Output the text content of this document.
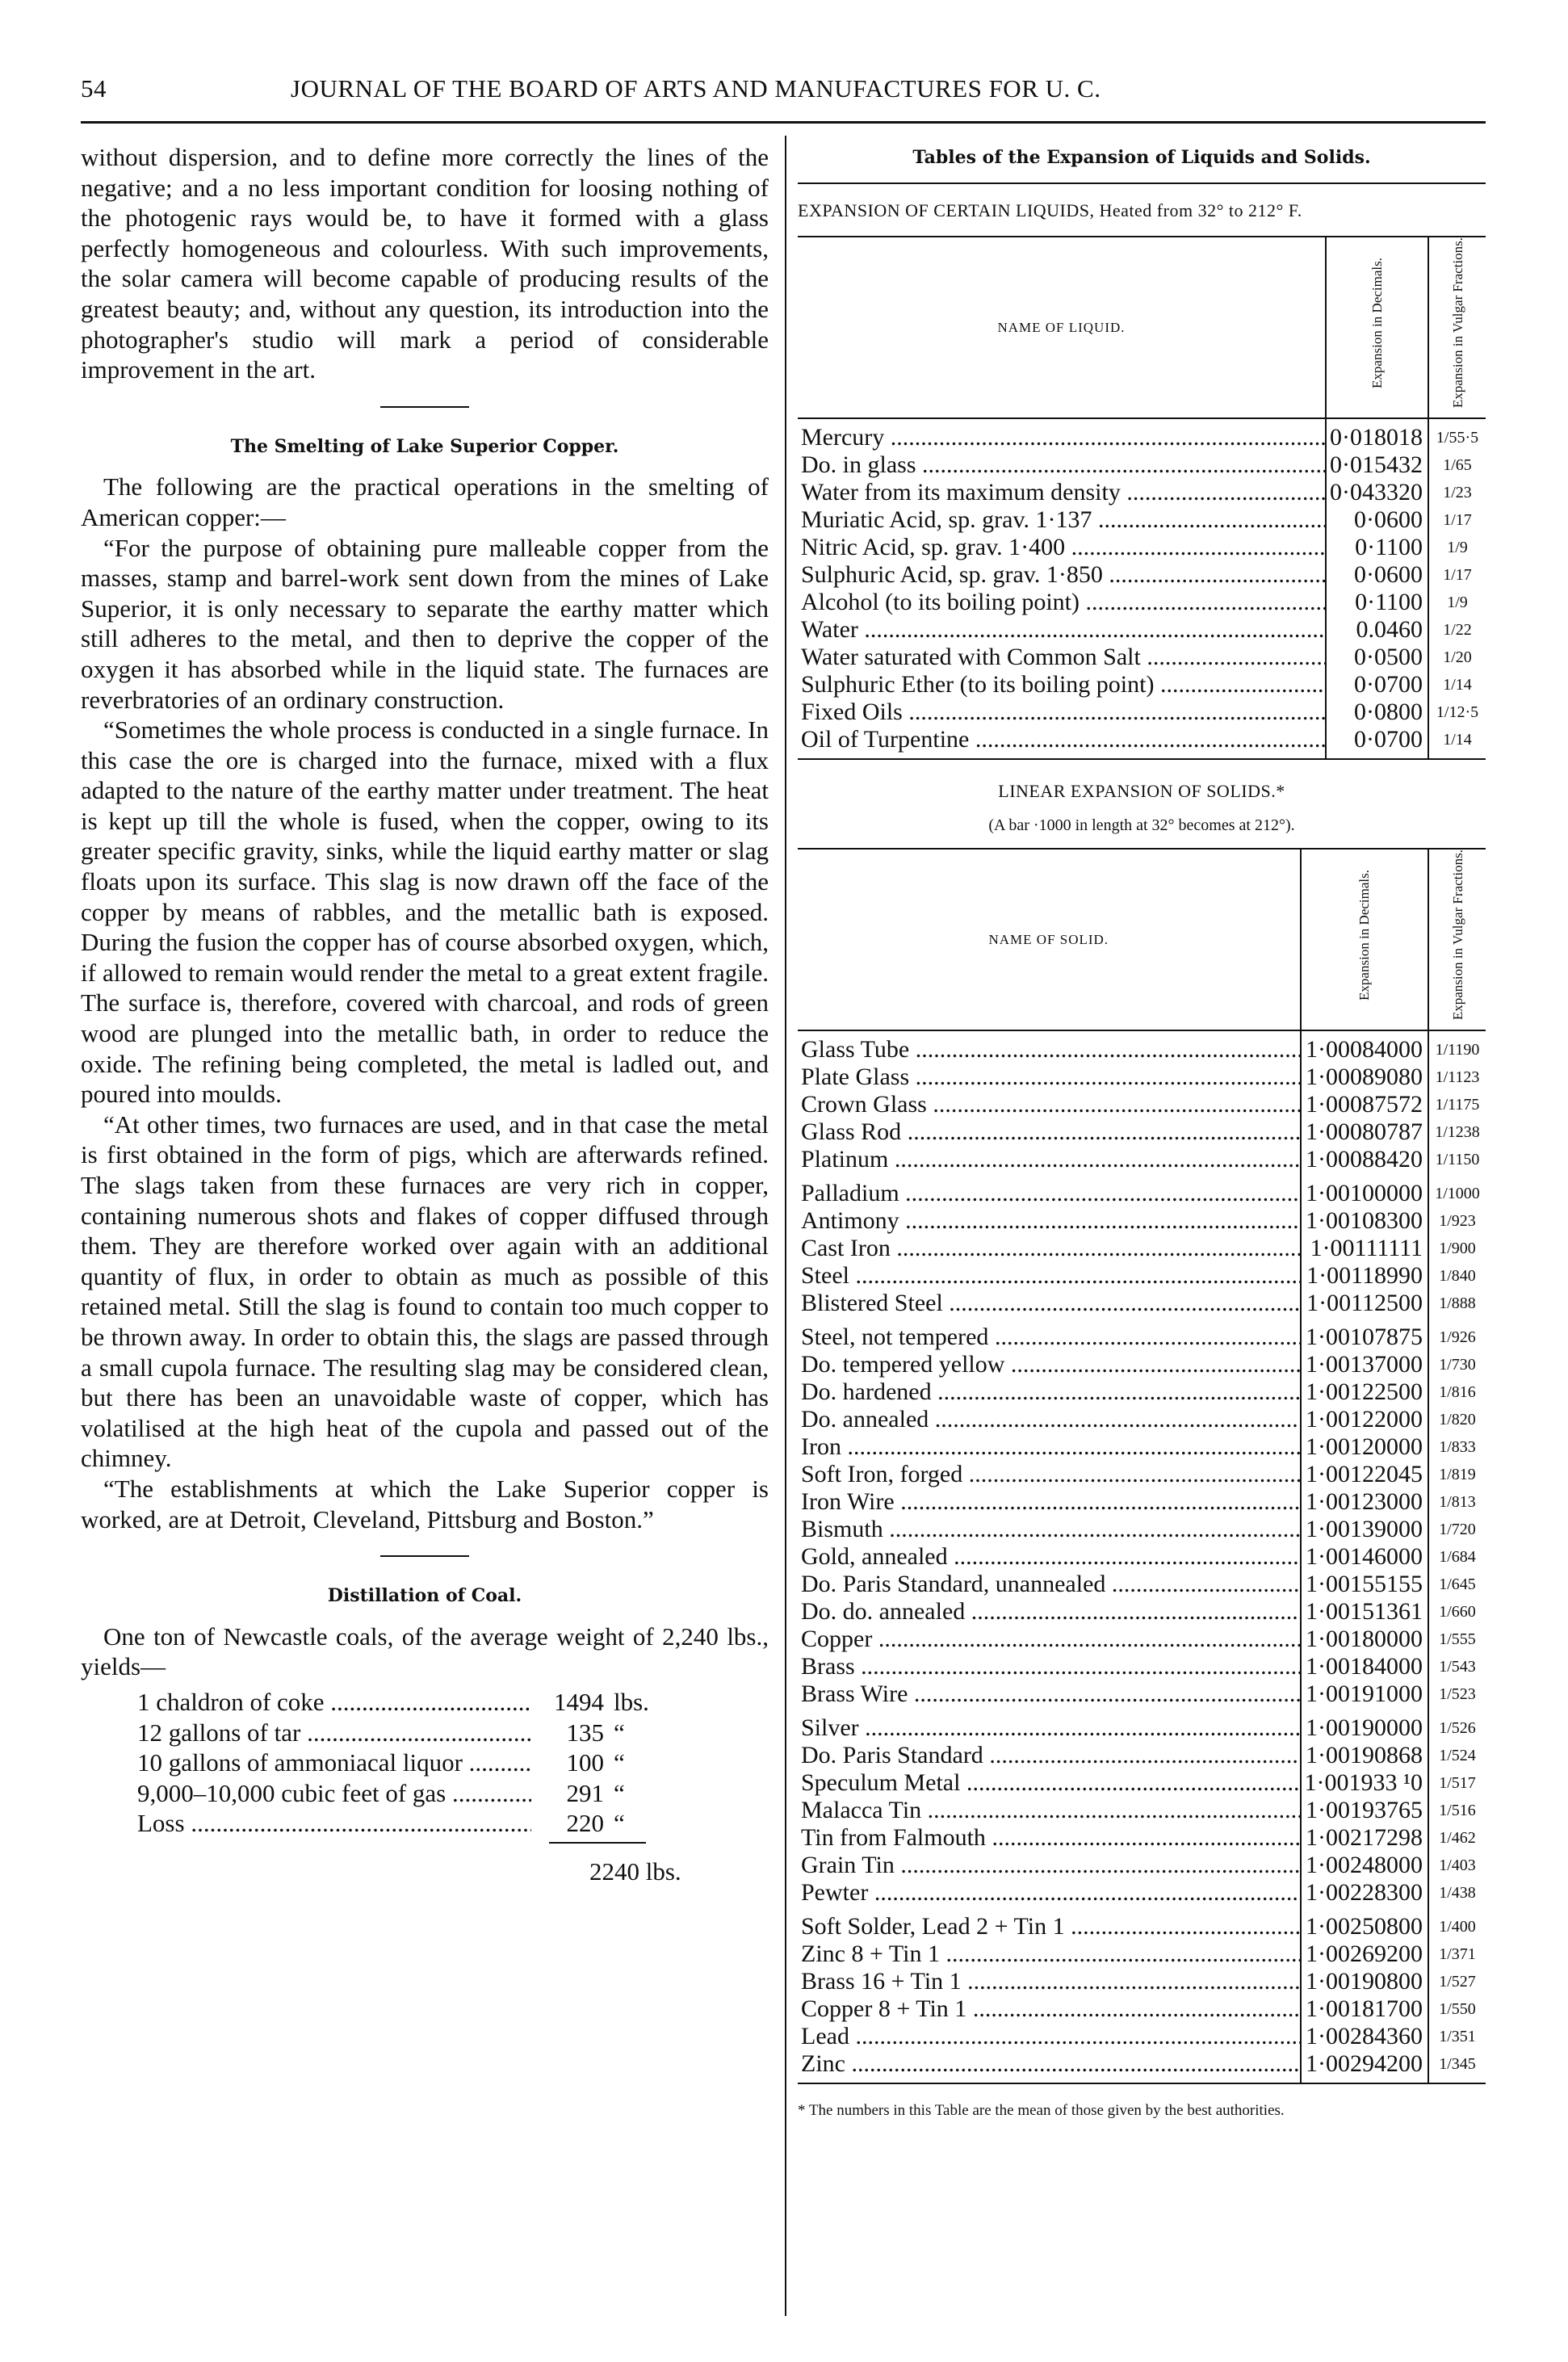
54	JOURNAL OF THE BOARD OF ARTS AND MANUFACTURES FOR U. C.

without dispersion, and to define more correctly the lines of the negative; and a no less important condition for loosing nothing of the photogenic rays would be, to have it formed with a glass perfectly homogeneous and colourless. With such improvements, the solar camera will become capable of producing results of the greatest beauty; and, without any question, its introduction into the photographer's studio will mark a period of considerable improvement in the art.

The Smelting of Lake Superior Copper.

The following are the practical operations in the smelting of American copper:—

“For the purpose of obtaining pure malleable copper from the masses, stamp and barrel-work sent down from the mines of Lake Superior, it is only necessary to separate the earthy matter which still adheres to the metal, and then to deprive the copper of the oxygen it has absorbed while in the liquid state. The furnaces are reverbratories of an ordinary construction.

“Sometimes the whole process is conducted in a single furnace. In this case the ore is charged into the furnace, mixed with a flux adapted to the nature of the earthy matter under treatment. The heat is kept up till the whole is fused, when the copper, owing to its greater specific gravity, sinks, while the liquid earthy matter or slag floats upon its surface. This slag is now drawn off the face of the copper by means of rabbles, and the metallic bath is exposed. During the fusion the copper has of course absorbed oxygen, which, if allowed to remain would render the metal to a great extent fragile. The surface is, therefore, covered with charcoal, and rods of green wood are plunged into the metallic bath, in order to reduce the oxide. The refining being completed, the metal is ladled out, and poured into moulds.

“At other times, two furnaces are used, and in that case the metal is first obtained in the form of pigs, which are afterwards refined. The slags taken from these furnaces are very rich in copper, containing numerous shots and flakes of copper diffused through them. They are therefore worked over again with an additional quantity of flux, in order to obtain as much as possible of this retained metal. Still the slag is found to contain too much copper to be thrown away. In order to obtain this, the slags are passed through a small cupola furnace. The resulting slag may be considered clean, but there has been an unavoidable waste of copper, which has volatilised at the high heat of the cupola and passed out of the chimney.

“The establishments at which the Lake Superior copper is worked, are at Detroit, Cleveland, Pittsburg and Boston.”

Distillation of Coal.

One ton of Newcastle coals, of the average weight of 2,240 lbs., yields—

1 chaldron of coke .....	1494 lbs.
12 gallons of tar .....	135 “
10 gallons of ammoniacal liquor .....	100 “
9,000–10,000 cubic feet of gas .....	291 “
Loss .....	220 “
2240 lbs.
Tables of the Expansion of Liquids and Solids.
EXPANSION OF CERTAIN LIQUIDS, Heated from 32° to 212° F.
NAME OF LIQUID.	Expansion in Decimals.	Expansion in Vulgar Fractions.
Mercury .....	0·018018	1/55·5
Do. in glass .....	0·015432	1/65
Water from its maximum density .....	0·043320	1/23
Muriatic Acid, sp. grav. 1·137 .....	0·0600	1/17
Nitric Acid, sp. grav. 1·400 .....	0·1100	1/9
Sulphuric Acid, sp. grav. 1·850 .....	0·0600	1/17
Alcohol (to its boiling point) .....	0·1100	1/9
Water .....	0.0460	1/22
Water saturated with Common Salt .....	0·0500	1/20
Sulphuric Ether (to its boiling point) .....	0·0700	1/14
Fixed Oils .....	0·0800	1/12·5
Oil of Turpentine .....	0·0700	1/14
LINEAR EXPANSION OF SOLIDS.*
(A bar ·1000 in length at 32° becomes at 212°).
NAME OF SOLID.	Expansion in Decimals.	Expansion in Vulgar Fractions.
Glass Tube .....	1·00084000	1/1190
Plate Glass .....	1·00089080	1/1123
Crown Glass .....	1·00087572	1/1175
Glass Rod .....	1·00080787	1/1238
Platinum .....	1·00088420	1/1150
Palladium .....	1·00100000	1/1000
Antimony .....	1·00108300	1/923
Cast Iron .....	1·00111111	1/900
Steel .....	1·00118990	1/840
Blistered Steel .....	1·00112500	1/888
Steel, not tempered .....	1·00107875	1/926
Do. tempered yellow .....	1·00137000	1/730
Do. hardened .....	1·00122500	1/816
Do. annealed .....	1·00122000	1/820
Iron .....	1·00120000	1/833
Soft Iron, forged .....	1·00122045	1/819
Iron Wire .....	1·00123000	1/813
Bismuth .....	1·00139000	1/720
Gold, annealed .....	1·00146000	1/684
Do. Paris Standard, unannealed .....	1·00155155	1/645
Do. do. annealed .....	1·00151361	1/660
Copper .....	1·00180000	1/555
Brass .....	1·00184000	1/543
Brass Wire .....	1·00191000	1/523
Silver .....	1·00190000	1/526
Do. Paris Standard .....	1·00190868	1/524
Speculum Metal .....	1·001933 ¹0	1/517
Malacca Tin .....	1·00193765	1/516
Tin from Falmouth .....	1·00217298	1/462
Grain Tin .....	1·00248000	1/403
Pewter .....	1·00228300	1/438
Soft Solder, Lead 2 + Tin 1 .....	1·00250800	1/400
Zinc 8 + Tin 1 .....	1·00269200	1/371
Brass 16 + Tin 1 .....	1·00190800	1/527
Copper 8 + Tin 1 .....	1·00181700	1/550
Lead .....	1·00284360	1/351
Zinc .....	1·00294200	1/345
* The numbers in this Table are the mean of those given by the best authorities.
